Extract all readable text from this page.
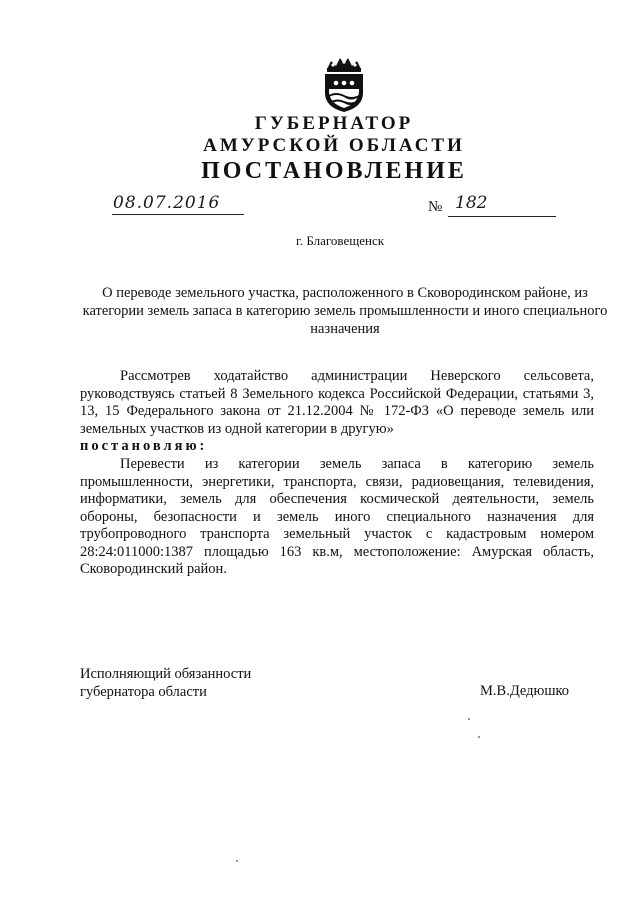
ГУБЕРНАТОР
АМУРСКОЙ ОБЛАСТИ
ПОСТАНОВЛЕНИЕ
08.07.2016	№ 182
г. Благовещенск
О переводе земельного участка, расположенного в Сковородинском районе, из категории земель запаса в категорию земель промышленности и иного специального назначения
Рассмотрев ходатайство администрации Неверского сельсовета, руководствуясь статьей 8 Земельного кодекса Российской Федерации, статьями 3, 13, 15 Федерального закона от 21.12.2004 № 172-ФЗ «О переводе земель или земельных участков из одной категории в другую»
постановляю:
Перевести из категории земель запаса в категорию земель промышленности, энергетики, транспорта, связи, радиовещания, телевидения, информатики, земель для обеспечения космической деятельности, земель обороны, безопасности и земель иного специального назначения для трубопроводного транспорта земельный участок с кадастровым номером 28:24:011000:1387 площадью 163 кв.м, местоположение: Амурская область, Сковородинский район.
Исполняющий обязанности
губернатора области	М.В.Дедюшко
